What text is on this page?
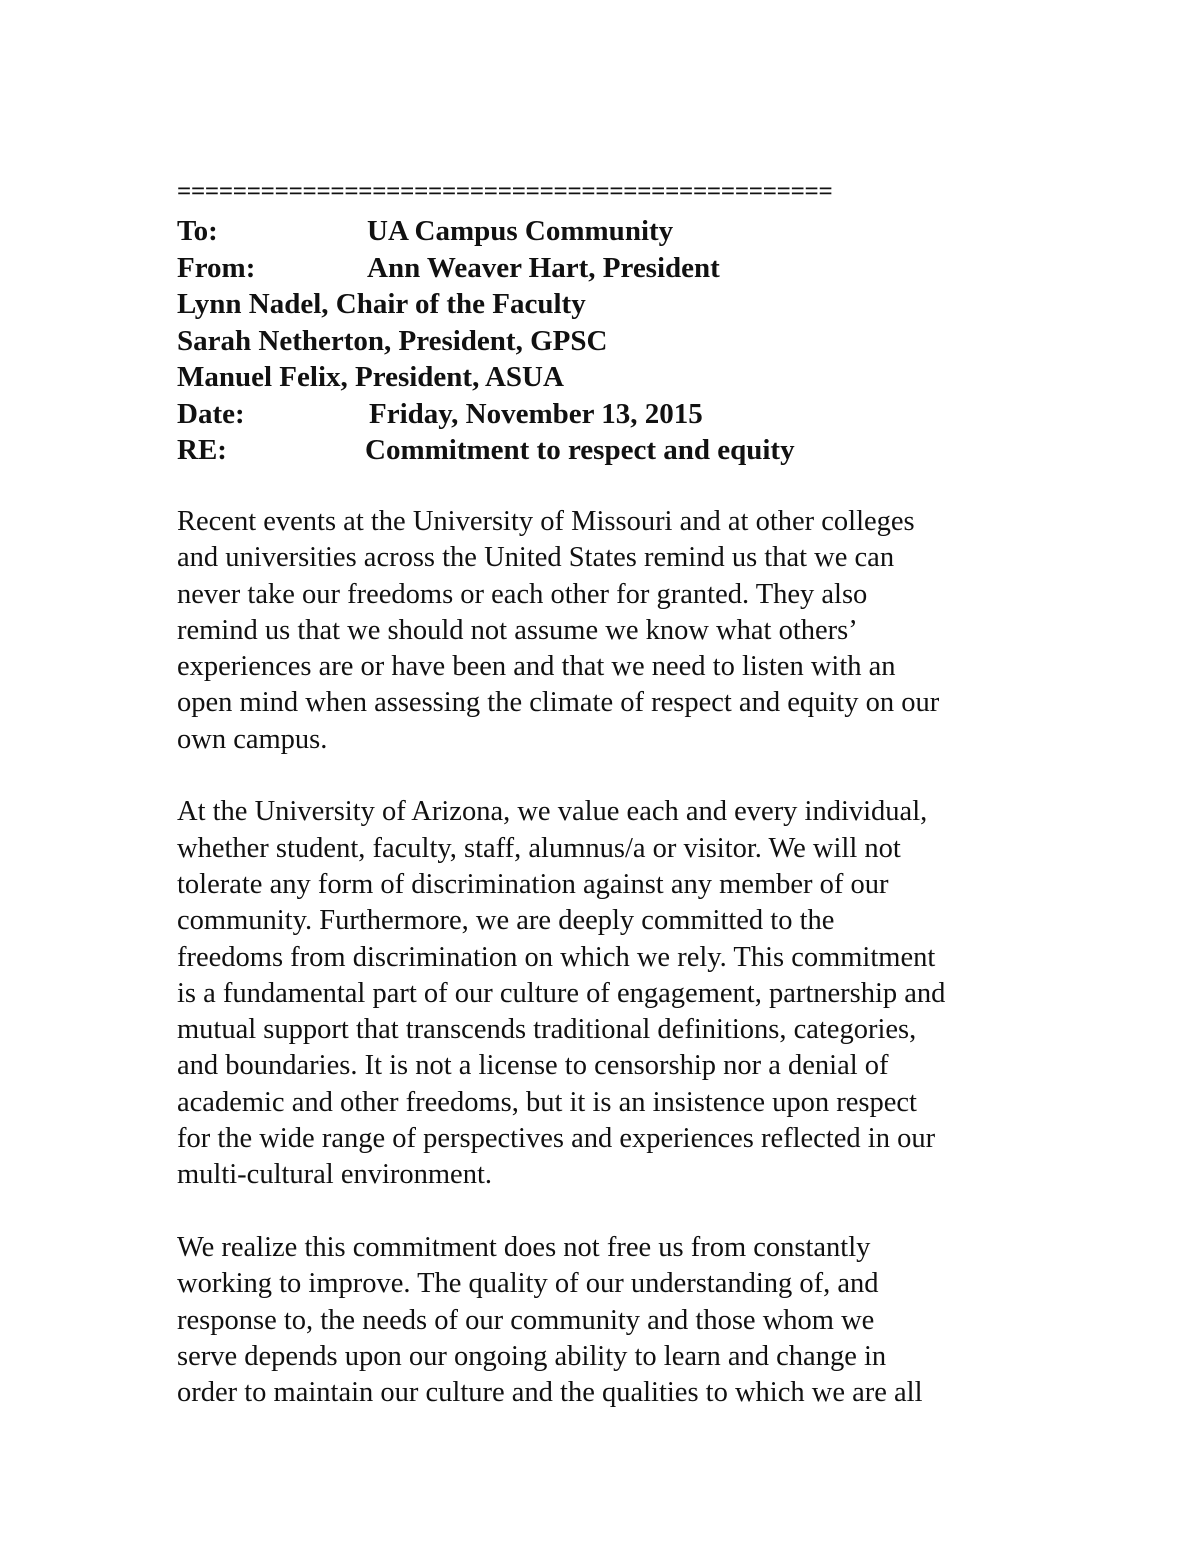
===============================================
To:	UA Campus Community
From:	Ann Weaver Hart, President
Lynn Nadel, Chair of the Faculty
Sarah Netherton, President, GPSC
Manuel Felix, President, ASUA
Date:	Friday, November 13, 2015
RE:	Commitment to respect and equity

Recent events at the University of Missouri and at other colleges
and universities across the United States remind us that we can
never take our freedoms or each other for granted. They also
remind us that we should not assume we know what others’
experiences are or have been and that we need to listen with an
open mind when assessing the climate of respect and equity on our
own campus.

At the University of Arizona, we value each and every individual,
whether student, faculty, staff, alumnus/a or visitor. We will not
tolerate any form of discrimination against any member of our
community. Furthermore, we are deeply committed to the
freedoms from discrimination on which we rely. This commitment
is a fundamental part of our culture of engagement, partnership and
mutual support that transcends traditional definitions, categories,
and boundaries. It is not a license to censorship nor a denial of
academic and other freedoms, but it is an insistence upon respect
for the wide range of perspectives and experiences reflected in our
multi-cultural environment.

We realize this commitment does not free us from constantly
working to improve. The quality of our understanding of, and
response to, the needs of our community and those whom we
serve depends upon our ongoing ability to learn and change in
order to maintain our culture and the qualities to which we are all
